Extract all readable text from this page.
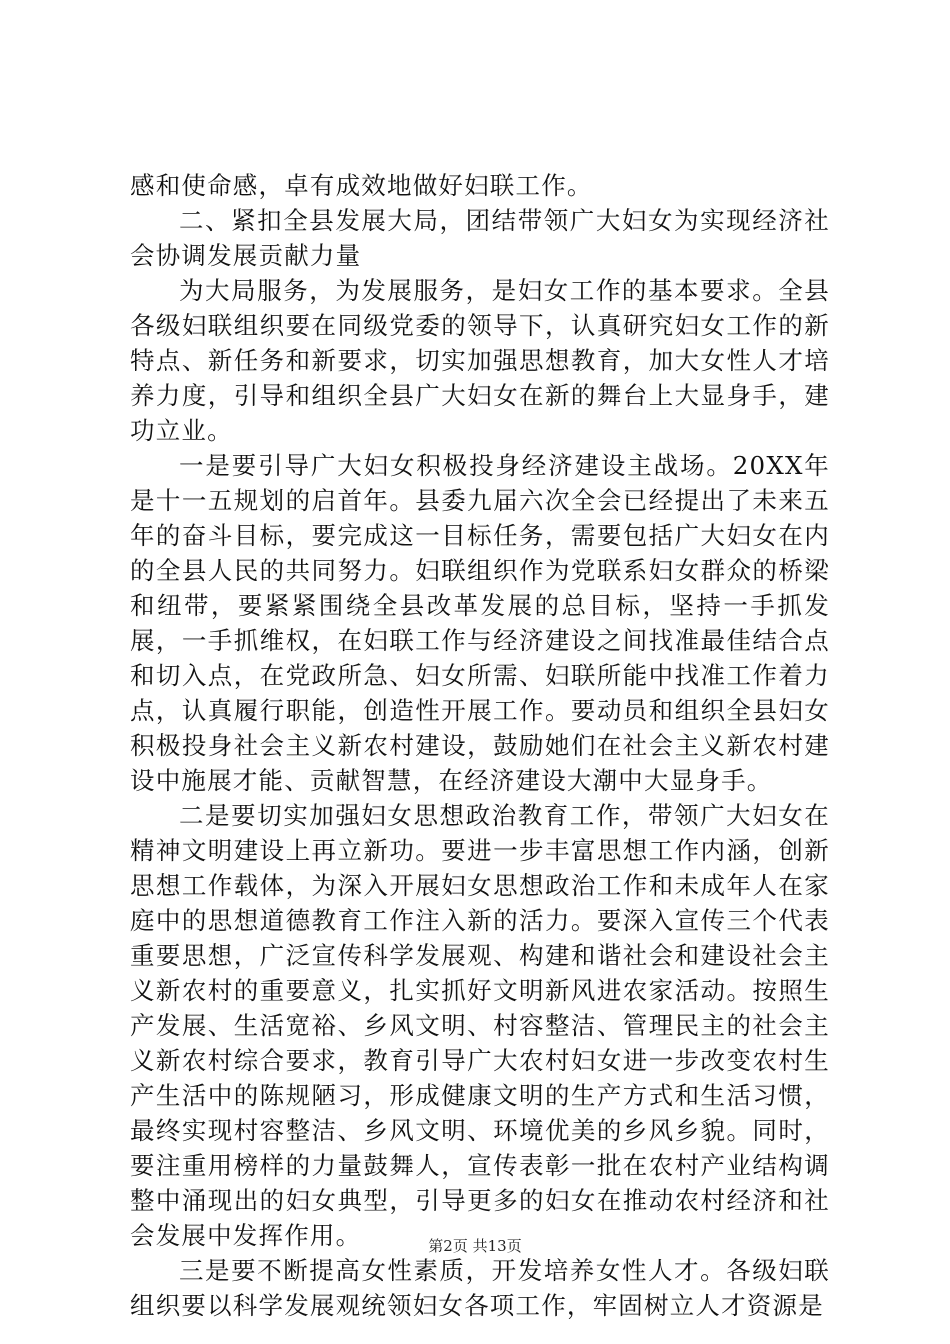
感和使命感，卓有成效地做好妇联工作。

二、紧扣全县发展大局，团结带领广大妇女为实现经济社会协调发展贡献力量

为大局服务，为发展服务，是妇女工作的基本要求。全县各级妇联组织要在同级党委的领导下，认真研究妇女工作的新特点、新任务和新要求，切实加强思想教育，加大女性人才培养力度，引导和组织全县广大妇女在新的舞台上大显身手，建功立业。

一是要引导广大妇女积极投身经济建设主战场。20XX年是十一五规划的启首年。县委九届六次全会已经提出了未来五年的奋斗目标，要完成这一目标任务，需要包括广大妇女在内的全县人民的共同努力。妇联组织作为党联系妇女群众的桥梁和纽带，要紧紧围绕全县改革发展的总目标，坚持一手抓发展，一手抓维权，在妇联工作与经济建设之间找准最佳结合点和切入点，在党政所急、妇女所需、妇联所能中找准工作着力点，认真履行职能，创造性开展工作。要动员和组织全县妇女积极投身社会主义新农村建设，鼓励她们在社会主义新农村建设中施展才能、贡献智慧，在经济建设大潮中大显身手。

二是要切实加强妇女思想政治教育工作，带领广大妇女在精神文明建设上再立新功。要进一步丰富思想工作内涵，创新思想工作载体，为深入开展妇女思想政治工作和未成年人在家庭中的思想道德教育工作注入新的活力。要深入宣传三个代表重要思想，广泛宣传科学发展观、构建和谐社会和建设社会主义新农村的重要意义，扎实抓好文明新风进农家活动。按照生产发展、生活宽裕、乡风文明、村容整洁、管理民主的社会主义新农村综合要求，教育引导广大农村妇女进一步改变农村生产生活中的陈规陋习，形成健康文明的生产方式和生活习惯，最终实现村容整洁、乡风文明、环境优美的乡风乡貌。同时，要注重用榜样的力量鼓舞人，宣传表彰一批在农村产业结构调整中涌现出的妇女典型，引导更多的妇女在推动农村经济和社会发展中发挥作用。

三是要不断提高女性素质，开发培养女性人才。各级妇联组织要以科学发展观统领妇女各项工作，牢固树立人才资源是

第2页 共13页
